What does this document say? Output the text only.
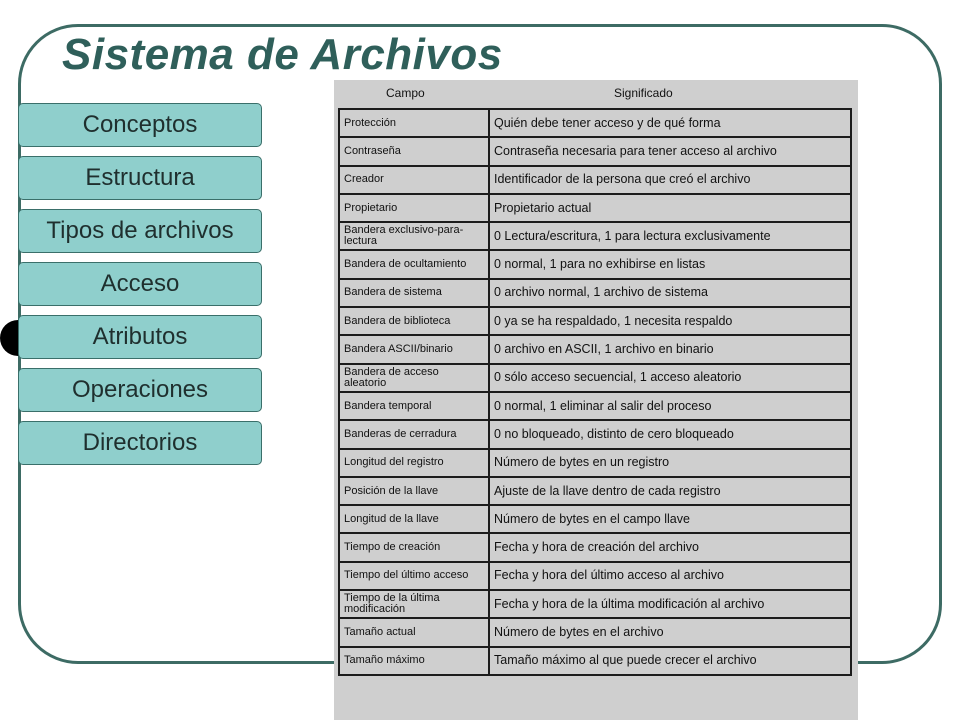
Sistema de Archivos
Conceptos
Estructura
Tipos de archivos
Acceso
Atributos
Operaciones
Directorios
Campo	Significado
Protección	Quién debe tener acceso y de qué forma
Contraseña	Contraseña necesaria para tener acceso al archivo
Creador	Identificador de la persona que creó el archivo
Propietario	Propietario actual
Bandera exclusivo-para-lectura	0 Lectura/escritura, 1 para lectura exclusivamente
Bandera de ocultamiento	0 normal, 1 para no exhibirse en listas
Bandera de sistema	0 archivo normal, 1 archivo de sistema
Bandera de biblioteca	0 ya se ha respaldado, 1 necesita respaldo
Bandera ASCII/binario	0 archivo en ASCII, 1 archivo en binario
Bandera de acceso aleatorio	0 sólo acceso secuencial, 1 acceso aleatorio
Bandera temporal	0 normal, 1 eliminar al salir del proceso
Banderas de cerradura	0 no bloqueado, distinto de cero bloqueado
Longitud del registro	Número de bytes en un registro
Posición de la llave	Ajuste de la llave dentro de cada registro
Longitud de la llave	Número de bytes en el campo llave
Tiempo de creación	Fecha y hora de creación del archivo
Tiempo del último acceso	Fecha y hora del último acceso al archivo
Tiempo de la última modificación	Fecha y hora de la última modificación al archivo
Tamaño actual	Número de bytes en el archivo
Tamaño máximo	Tamaño máximo al que puede crecer el archivo
